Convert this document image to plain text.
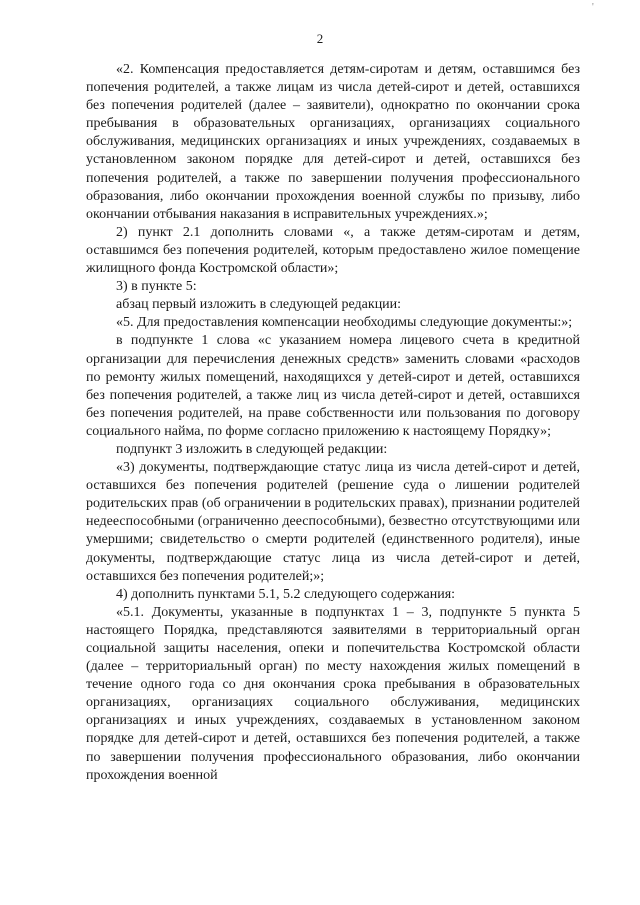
'
2

«2. Компенсация предоставляется детям-сиротам и детям, оставшимся без попечения родителей, а также лицам из числа детей-сирот и детей, оставшихся без попечения родителей (далее – заявители), однократно по окончании срока пребывания в образовательных организациях, организациях социального обслуживания, медицинских организациях и иных учреждениях, создаваемых в установленном законом порядке для детей-сирот и детей, оставшихся без попечения родителей, а также по завершении получения профессионального образования, либо окончании прохождения военной службы по призыву, либо окончании отбывания наказания в исправительных учреждениях.»;

2) пункт 2.1 дополнить словами «, а также детям-сиротам и детям, оставшимся без попечения родителей, которым предоставлено жилое помещение жилищного фонда Костромской области»;

3) в пункте 5:

абзац первый изложить в следующей редакции:

«5. Для предоставления компенсации необходимы следующие документы:»;

в подпункте 1 слова «с указанием номера лицевого счета в кредитной организации для перечисления денежных средств» заменить словами «расходов по ремонту жилых помещений, находящихся у детей-сирот и детей, оставшихся без попечения родителей, а также лиц из числа детей-сирот и детей, оставшихся без попечения родителей, на праве собственности или пользования по договору социального найма, по форме согласно приложению к настоящему Порядку»;

подпункт 3 изложить в следующей редакции:

«3) документы, подтверждающие статус лица из числа детей-сирот и детей, оставшихся без попечения родителей (решение суда о лишении родителей родительских прав (об ограничении в родительских правах), признании родителей недееспособными (ограниченно дееспособными), безвестно отсутствующими или умершими; свидетельство о смерти родителей (единственного родителя), иные документы, подтверждающие статус лица из числа детей-сирот и детей, оставшихся без попечения родителей;»;

4) дополнить пунктами 5.1, 5.2 следующего содержания:

«5.1. Документы, указанные в подпунктах 1 – 3, подпункте 5 пункта 5 настоящего Порядка, представляются заявителями в территориальный орган социальной защиты населения, опеки и попечительства Костромской области (далее – территориальный орган) по месту нахождения жилых помещений в течение одного года со дня окончания срока пребывания в образовательных организациях, организациях социального обслуживания, медицинских организациях и иных учреждениях, создаваемых в установленном законом порядке для детей-сирот и детей, оставшихся без попечения родителей, а также по завершении получения профессионального образования, либо окончании прохождения военной
